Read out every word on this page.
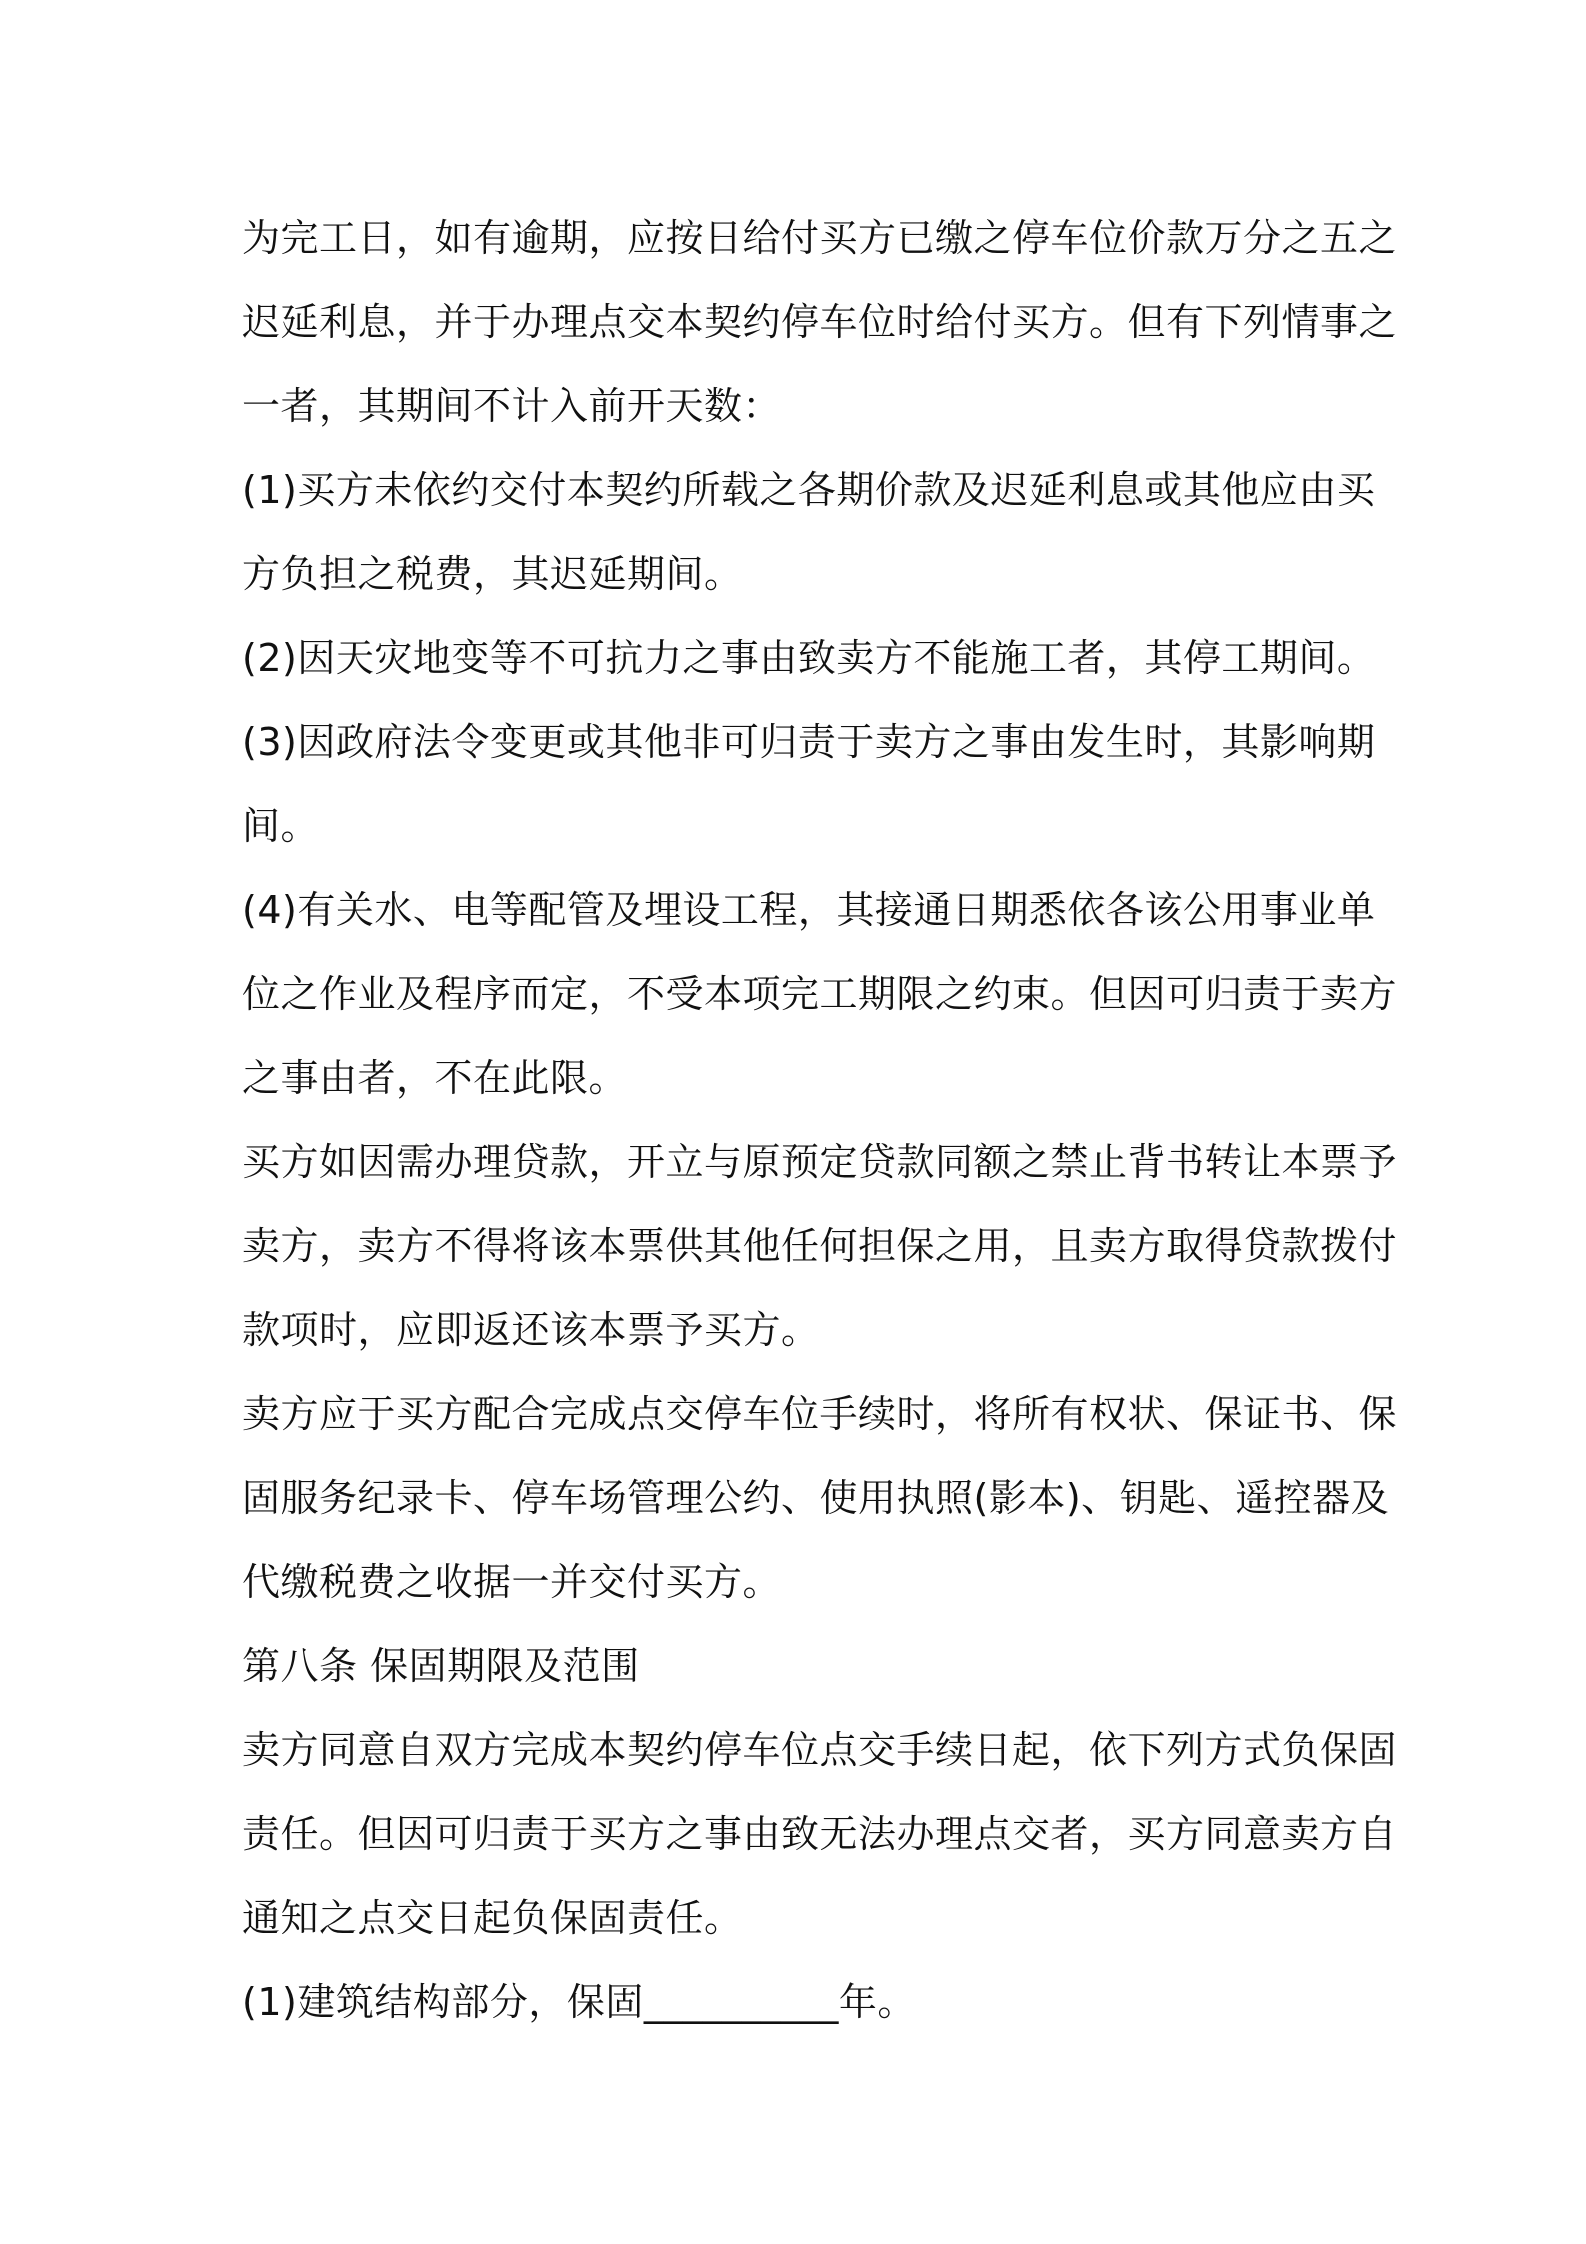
为完工日，如有逾期，应按日给付买方已缴之停车位价款万分之五之
迟延利息，并于办理点交本契约停车位时给付买方。但有下列情事之
一者，其期间不计入前开天数：
(1)买方未依约交付本契约所载之各期价款及迟延利息或其他应由买
方负担之税费，其迟延期间。
(2)因天灾地变等不可抗力之事由致卖方不能施工者，其停工期间。
(3)因政府法令变更或其他非可归责于卖方之事由发生时，其影响期
间。
(4)有关水、电等配管及埋设工程，其接通日期悉依各该公用事业单
位之作业及程序而定，不受本项完工期限之约束。但因可归责于卖方
之事由者，不在此限。
买方如因需办理贷款，开立与原预定贷款同额之禁止背书转让本票予
卖方，卖方不得将该本票供其他任何担保之用，且卖方取得贷款拨付
款项时，应即返还该本票予买方。
卖方应于买方配合完成点交停车位手续时，将所有权状、保证书、保
固服务纪录卡、停车场管理公约、使用执照(影本)、钥匙、遥控器及
代缴税费之收据一并交付买方。
第八条 保固期限及范围
卖方同意自双方完成本契约停车位点交手续日起，依下列方式负保固
责任。但因可归责于买方之事由致无法办理点交者，买方同意卖方自
通知之点交日起负保固责任。
(1)建筑结构部分，保固__________年。
